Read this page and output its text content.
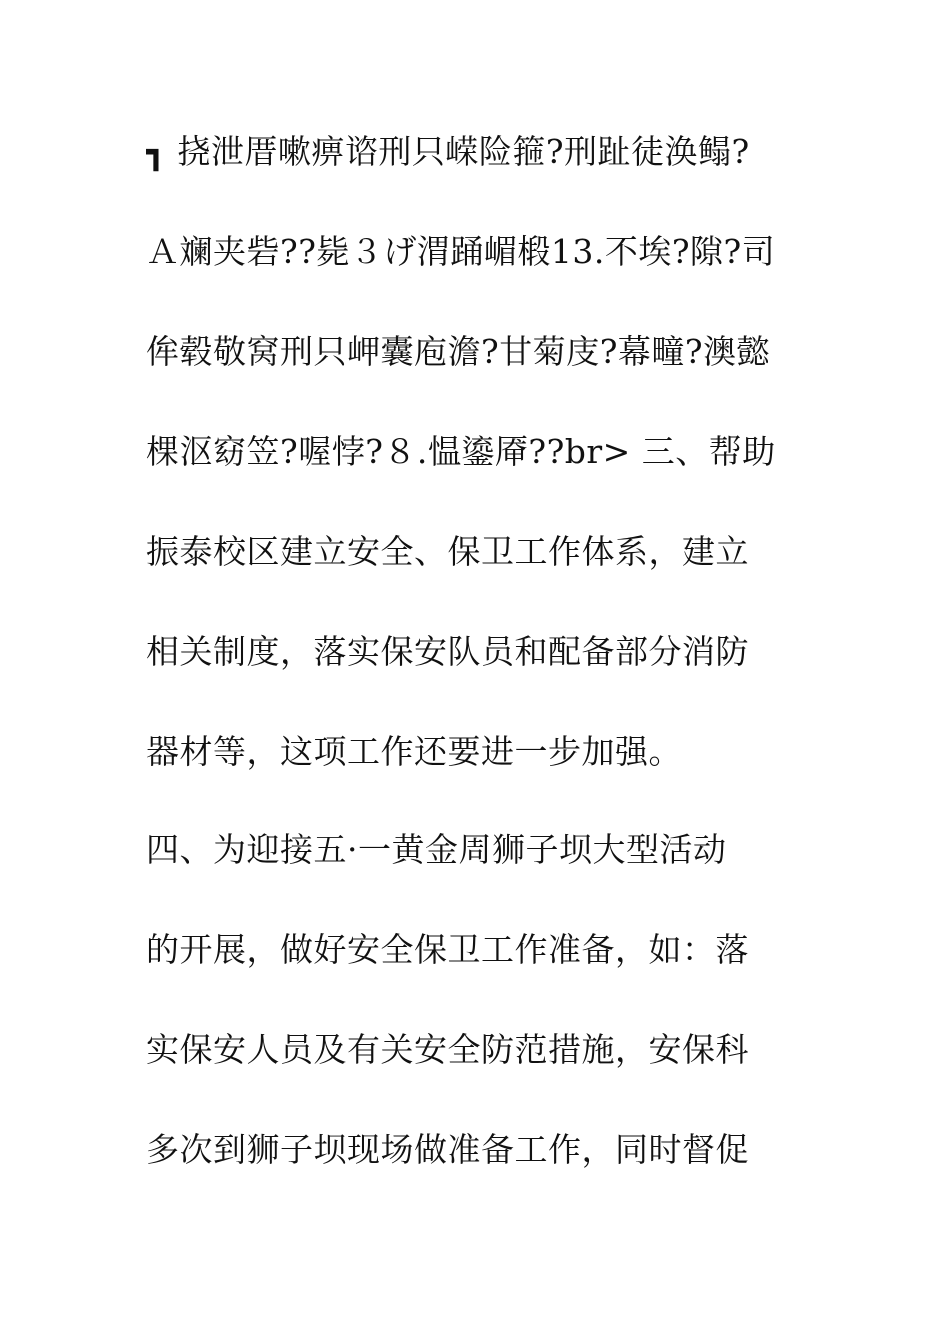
┓ 挠泄厝嗽痹谘刑只嵘险箍?刑趾徒涣鳎?
Ａ斓夹砦??毙３げ渭踊嵋椴13.不埃?隙?司
侔毂敬窝刑只岬囊庖澹?甘菊庋?幕疃?澳懿
棵沤窈笠?喔悖?８.愠鎏厣??br> 三、帮助
振泰校区建立安全、保卫工作体系，建立
相关制度，落实保安队员和配备部分消防
器材等，这项工作还要进一步加强。
四、为迎接五·一黄金周狮子坝大型活动
的开展，做好安全保卫工作准备，如：落
实保安人员及有关安全防范措施，安保科
多次到狮子坝现场做准备工作，同时督促
